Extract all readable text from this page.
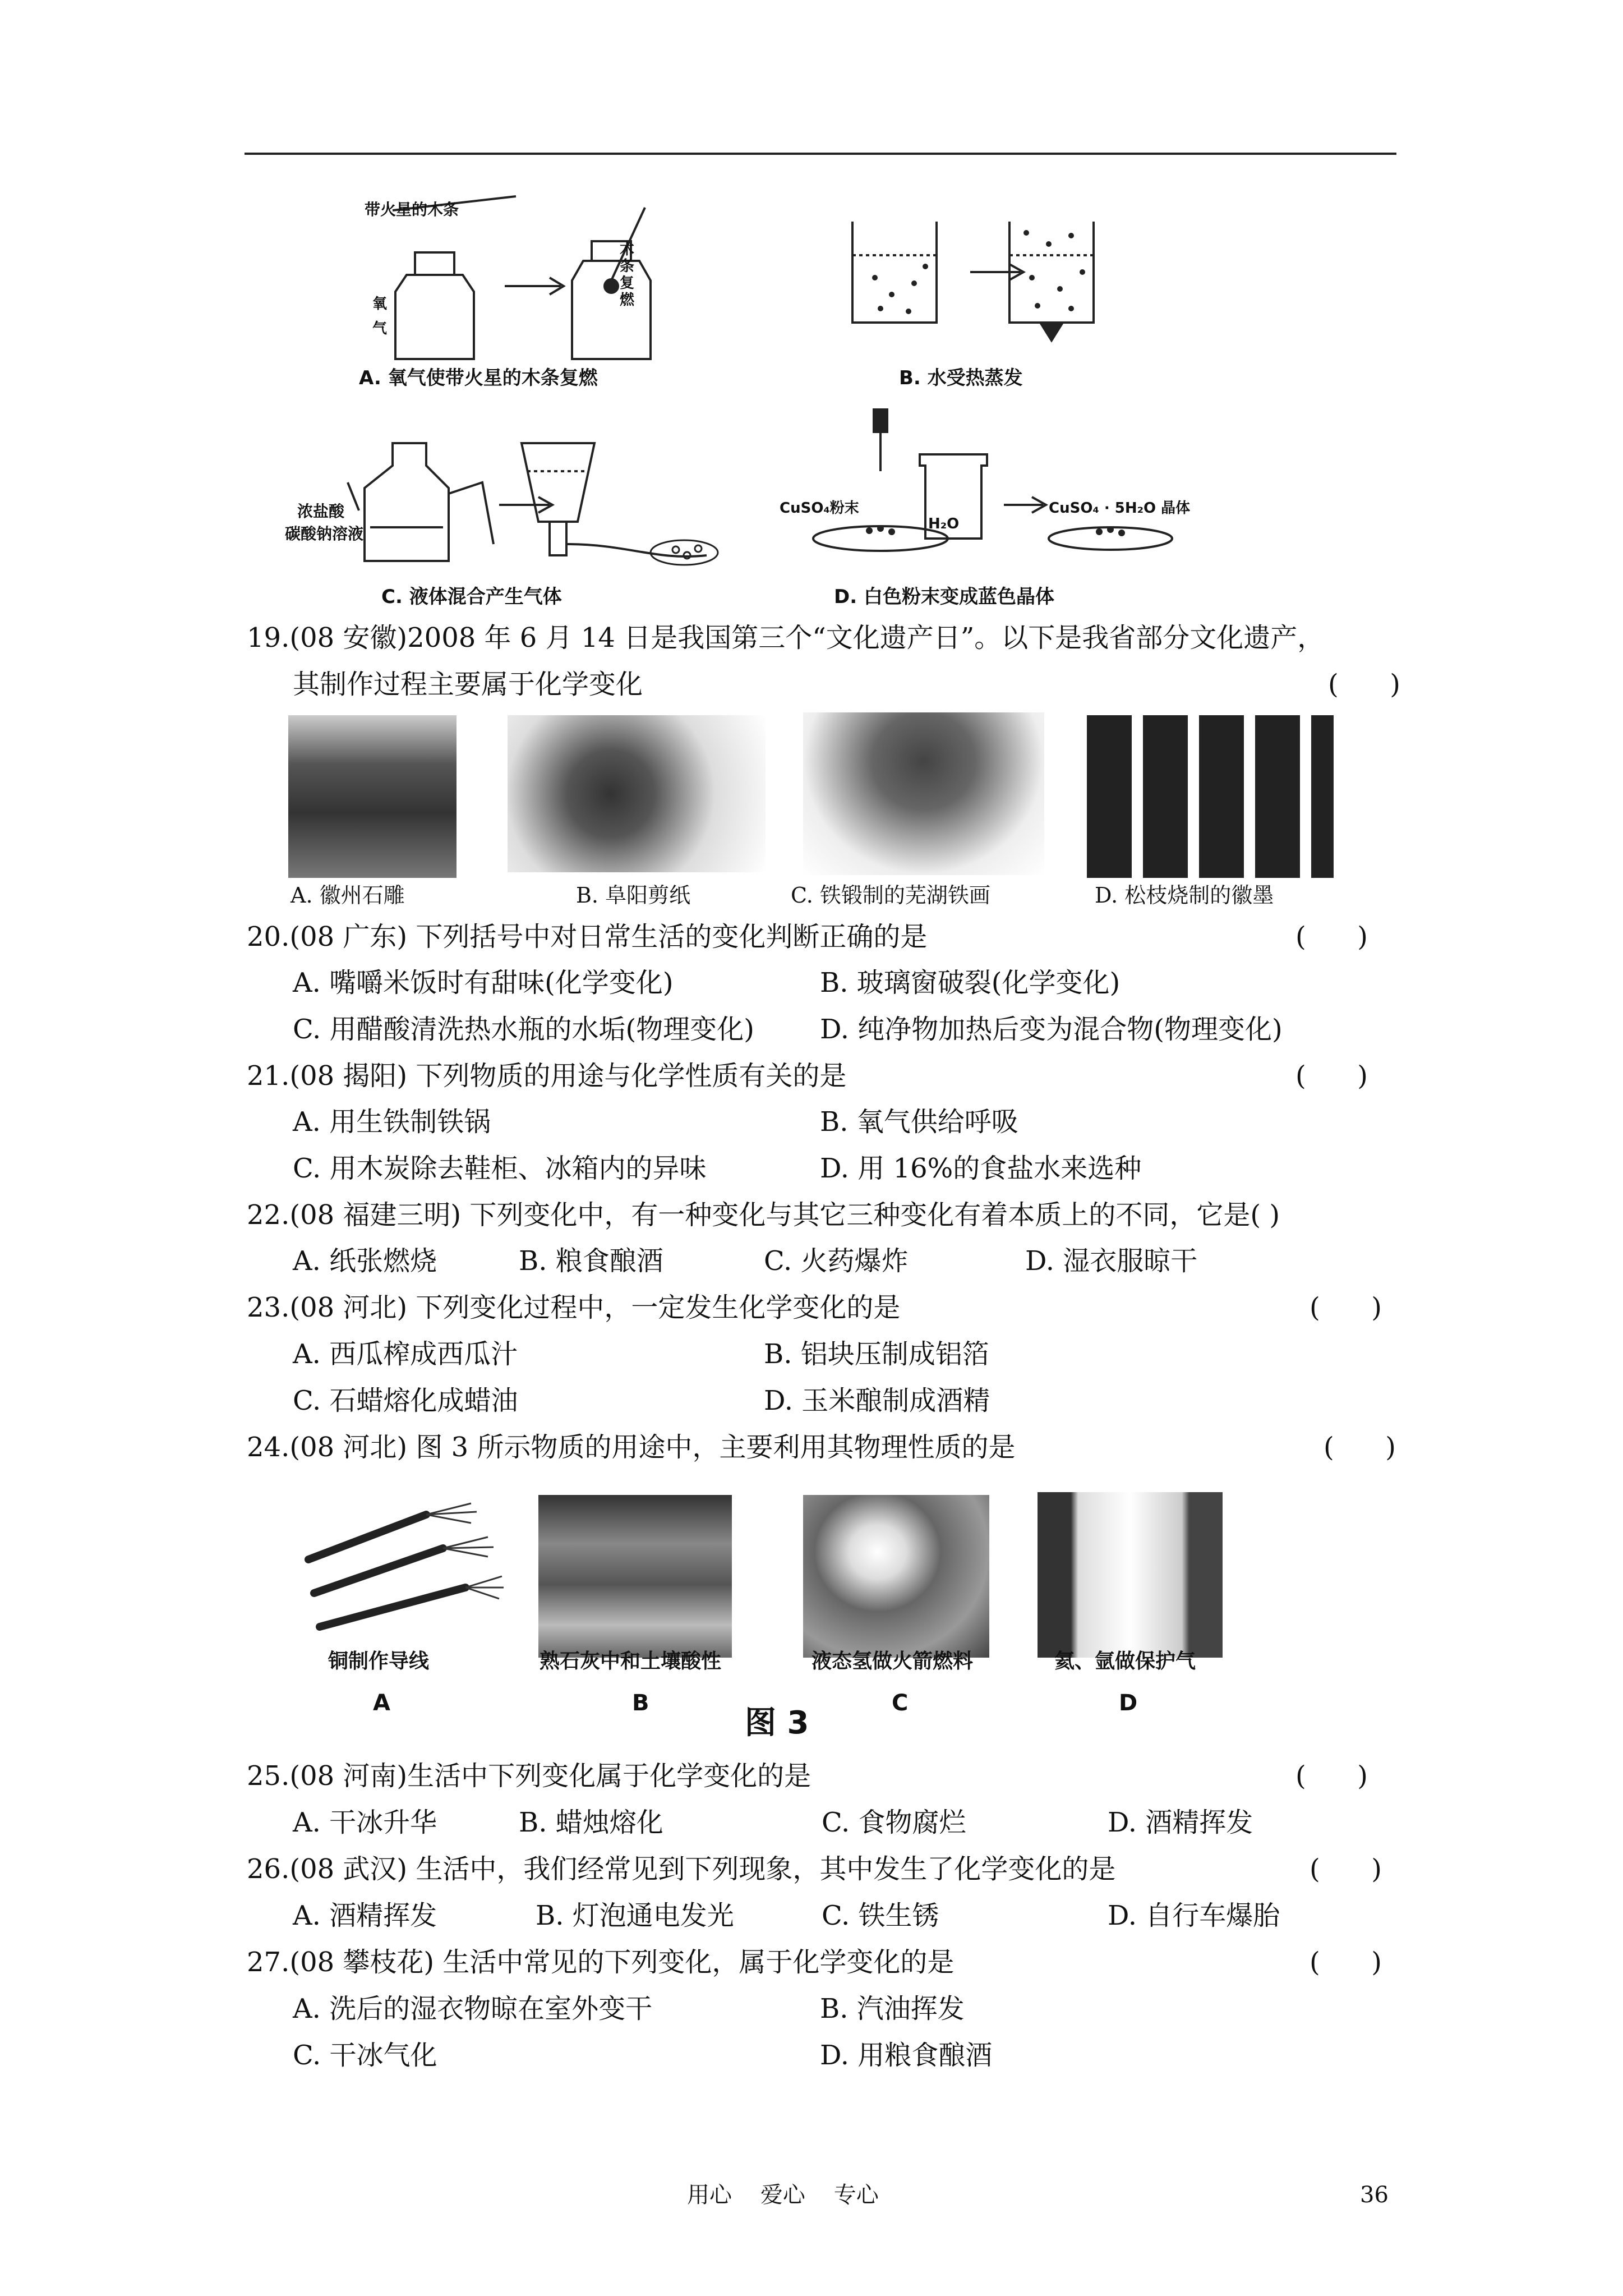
带火星的木条
氧气
木条复燃
A. 氧气使带火星的木条复燃	B. 水受热蒸发
浓盐酸
碳酸钠溶液
C. 液体混合产生气体
CuSO₄粉末
H₂O
CuSO₄ · 5H₂O 晶体
D. 白色粉末变成蓝色晶体
19.(08 安徽)2008 年 6 月 14 日是我国第三个“文化遗产日”。以下是我省部分文化遗产，
其制作过程主要属于化学变化	(      )
A. 徽州石雕	B. 阜阳剪纸	C. 铁锻制的芜湖铁画	D. 松枝烧制的徽墨
20.(08 广东) 下列括号中对日常生活的变化判断正确的是	(      )
A. 嘴嚼米饭时有甜味(化学变化)	B. 玻璃窗破裂(化学变化)
C. 用醋酸清洗热水瓶的水垢(物理变化) D. 纯净物加热后变为混合物(物理变化)
21.(08 揭阳) 下列物质的用途与化学性质有关的是	(      )
A. 用生铁制铁锅	B. 氧气供给呼吸
C. 用木炭除去鞋柜、冰箱内的异味	D. 用 16%的食盐水来选种
22.(08 福建三明) 下列变化中，有一种变化与其它三种变化有着本质上的不同，它是( )
A. 纸张燃烧	B. 粮食酿酒	C. 火药爆炸	D. 湿衣服晾干
23.(08 河北) 下列变化过程中，一定发生化学变化的是	(      )
A. 西瓜榨成西瓜汁	B. 铝块压制成铝箔
C. 石蜡熔化成蜡油	D. 玉米酿制成酒精
24.(08 河北) 图 3 所示物质的用途中，主要利用其物理性质的是	(      )
铜制作导线	熟石灰中和土壤酸性	液态氢做火箭燃料	氦、氩做保护气
A	B	C	D
图 3
25.(08 河南)生活中下列变化属于化学变化的是	(      )
A. 干冰升华	B. 蜡烛熔化	C. 食物腐烂	D. 酒精挥发
26.(08 武汉) 生活中，我们经常见到下列现象，其中发生了化学变化的是	(      )
A. 酒精挥发	B. 灯泡通电发光	C. 铁生锈	D. 自行车爆胎
27.(08 攀枝花) 生活中常见的下列变化，属于化学变化的是	(      )
A. 洗后的湿衣物晾在室外变干	B. 汽油挥发
C. 干冰气化	D. 用粮食酿酒
用心    爱心    专心	36
